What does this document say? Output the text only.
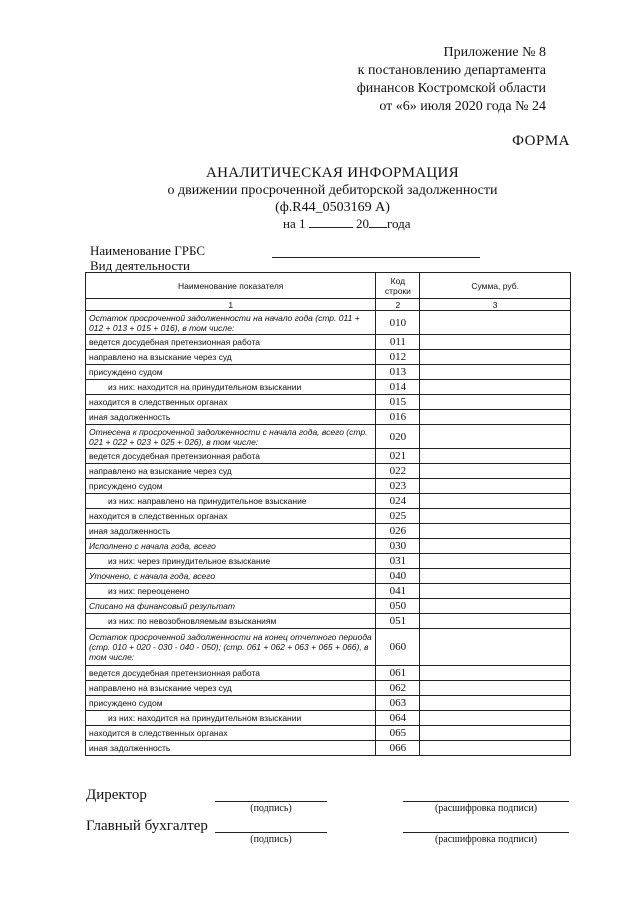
Приложение № 8
к постановлению департамента
финансов Костромской области
от «6» июля 2020 года № 24
ФОРМА
АНАЛИТИЧЕСКАЯ ИНФОРМАЦИЯ
о движении просроченной дебиторской задолженности
(ф.R44_0503169 А)
на 1	20 года
Наименование ГРБС
Вид деятельности
Наименование показателя	Код строки	Сумма, руб.
1	2	3
Остаток просроченной задолженности на начало года (стр. 011 + 012 + 013 + 015 + 016), в том числе:	010	
ведется досудебная претензионная работа	011	
направлено на взыскание через суд	012	
присуждено судом	013	
из них: находится на принудительном взыскании	014	
находится в следственных органах	015	
иная задолженность	016	
Отнесена к просроченной задолженности с начала года, всего (стр. 021 + 022 + 023 + 025 + 026), в том числе:	020	
ведется досудебная претензионная работа	021	
направлено на взыскание через суд	022	
присуждено судом	023	
из них: направлено на принудительное взыскание	024	
находится в следственных органах	025	
иная задолженность	026	
Исполнено с начала года, всего	030	
из них: через принудительное взыскание	031	
Уточнено, с начала года, всего	040	
из них: переоценено	041	
Списано на финансовый результат	050	
из них: по невозобновляемым взысканиям	051	
Остаток просроченной задолженности на конец отчетного периода (стр. 010 + 020 - 030 - 040 - 050); (стр. 061 + 062 + 063 + 065 + 066), в том числе:	060	
ведется досудебная претензионная работа	061	
направлено на взыскание через суд	062	
присуждено судом	063	
из них: находится на принудительном взыскании	064	
находится в следственных органах	065	
иная задолженность	066	
Директор
(подпись)	(расшифровка подписи)
Главный бухгалтер
(подпись)	(расшифровка подписи)
